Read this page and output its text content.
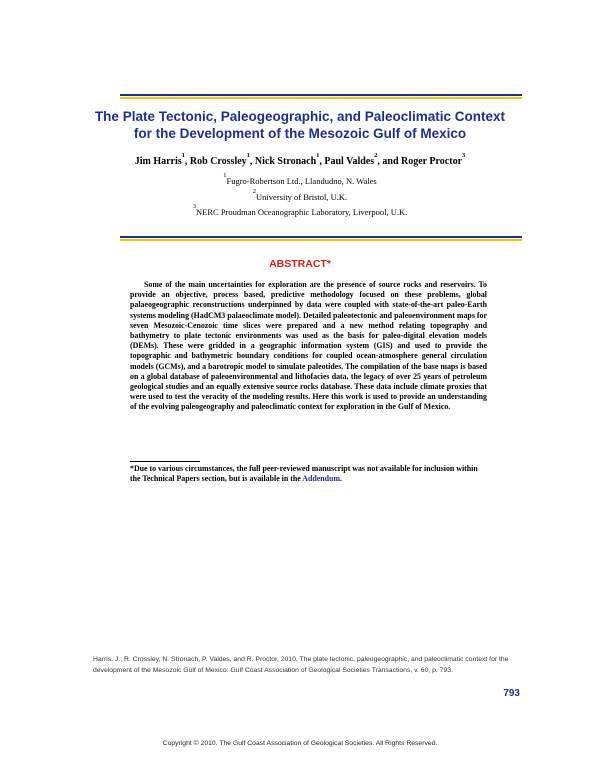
The Plate Tectonic, Paleogeographic, and Paleoclimatic Context
for the Development of the Mesozoic Gulf of Mexico
Jim Harris$^1$, Rob Crossley$^1$, Nick Stronach$^1$, Paul Valdes$^2$, and Roger Proctor$^3$
$^1$Fugro-Robertson Ltd., Llandudno, N. Wales
$^2$University of Bristol, U.K.
$^3$NERC Proudman Oceanographic Laboratory, Liverpool, U.K.
ABSTRACT*
Some of the main uncertainties for exploration are the presence of source rocks and reservoirs. To provide an objective, process based, predictive methodology focused on these problems, global palaeogeographic reconstructions underpinned by data were coupled with state-of-the-art paleo-Earth systems modeling (HadCM3 palaeoclimate model). Detailed paleotectonic and paleoenvironment maps for seven Mesozoic-Cenozoic time slices were prepared and a new method relating topography and bathymetry to plate tectonic environments was used as the basis for paleo-digital elevation models (DEMs). These were gridded in a geographic information system (GIS) and used to provide the topographic and bathymetric boundary conditions for coupled ocean-atmosphere general circulation models (GCMs), and a barotropic model to simulate paleotides. The compilation of the base maps is based on a global database of paleoenvironmental and lithofacies data, the legacy of over 25 years of petroleum geological studies and an equally extensive source rocks database. These data include climate proxies that were used to test the veracity of the modeling results. Here this work is used to provide an understanding of the evolving paleogeography and paleoclimatic context for exploration in the Gulf of Mexico.
*Due to various circumstances, the full peer-reviewed manuscript was not available for inclusion within the Technical Papers section, but is available in the Addendum.
Harris, J., R. Crossley, N. Stronach, P. Valdes, and R. Proctor, 2010, The plate tectonic, paleogeographic, and paleoclimatic context for the development of the Mesozoic Gulf of Mexico: Gulf Coast Association of Geological Societies Transactions, v. 60, p. 793.
793
Copyright © 2010. The Gulf Coast Association of Geological Societies. All Rights Reserved.
